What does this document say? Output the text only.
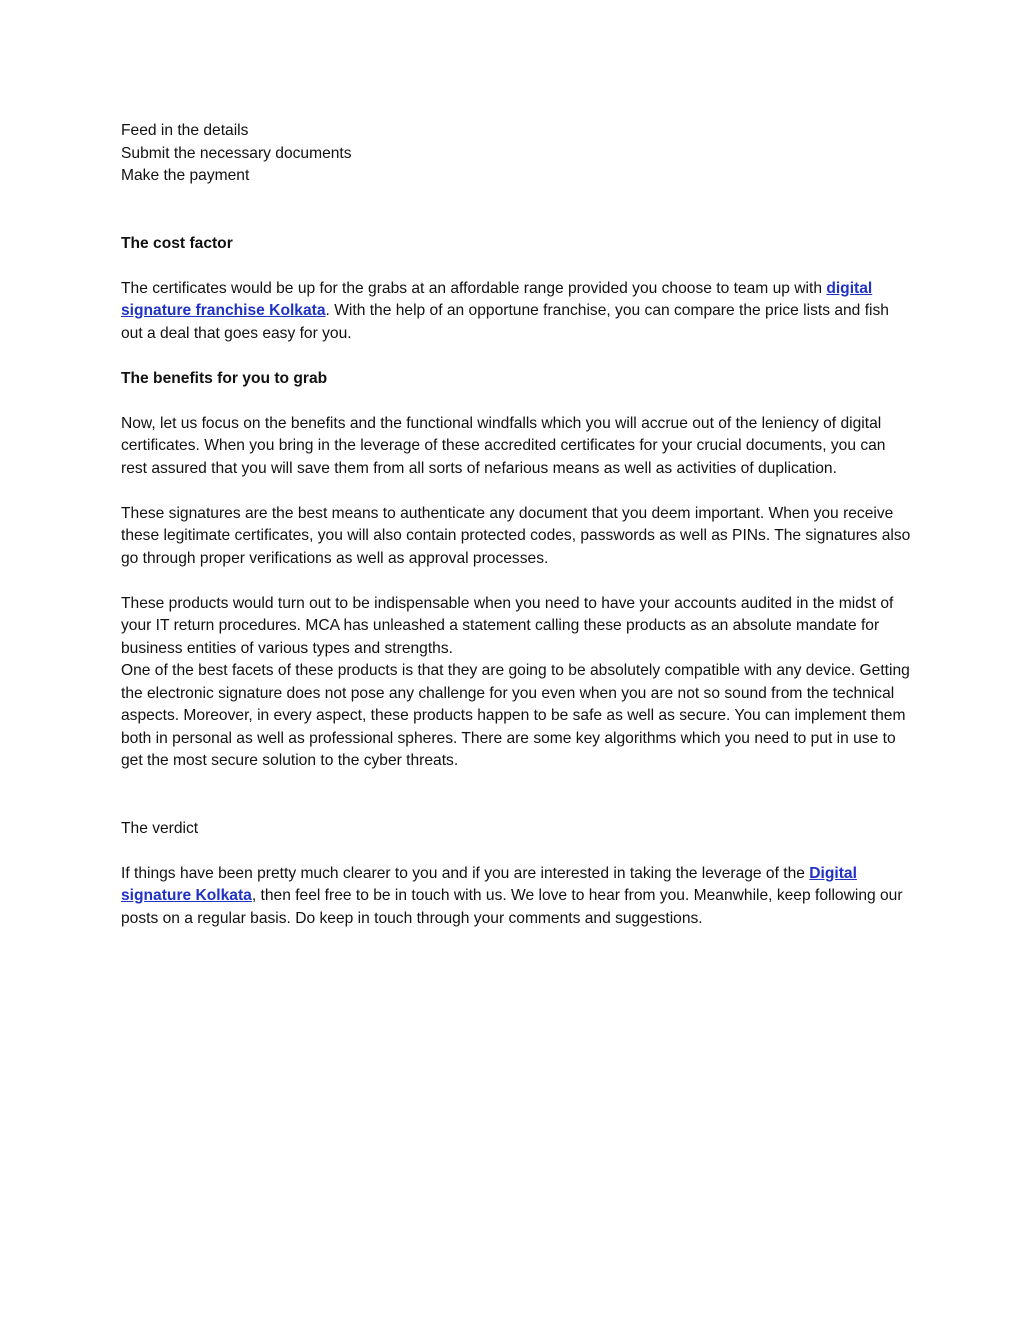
Feed in the details
Submit the necessary documents
Make the payment

The cost factor

The certificates would be up for the grabs at an affordable range provided you choose to team up with digital signature franchise Kolkata. With the help of an opportune franchise, you can compare the price lists and fish out a deal that goes easy for you.

The benefits for you to grab

Now, let us focus on the benefits and the functional windfalls which you will accrue out of the leniency of digital certificates. When you bring in the leverage of these accredited certificates for your crucial documents, you can rest assured that you will save them from all sorts of nefarious means as well as activities of duplication.

These signatures are the best means to authenticate any document that you deem important. When you receive these legitimate certificates, you will also contain protected codes, passwords as well as PINs. The signatures also go through proper verifications as well as approval processes.

These products would turn out to be indispensable when you need to have your accounts audited in the midst of your IT return procedures. MCA has unleashed a statement calling these products as an absolute mandate for business entities of various types and strengths.

One of the best facets of these products is that they are going to be absolutely compatible with any device. Getting the electronic signature does not pose any challenge for you even when you are not so sound from the technical aspects. Moreover, in every aspect, these products happen to be safe as well as secure. You can implement them both in personal as well as professional spheres. There are some key algorithms which you need to put in use to get the most secure solution to the cyber threats.

The verdict

If things have been pretty much clearer to you and if you are interested in taking the leverage of the Digital signature Kolkata, then feel free to be in touch with us. We love to hear from you. Meanwhile, keep following our posts on a regular basis. Do keep in touch through your comments and suggestions.
